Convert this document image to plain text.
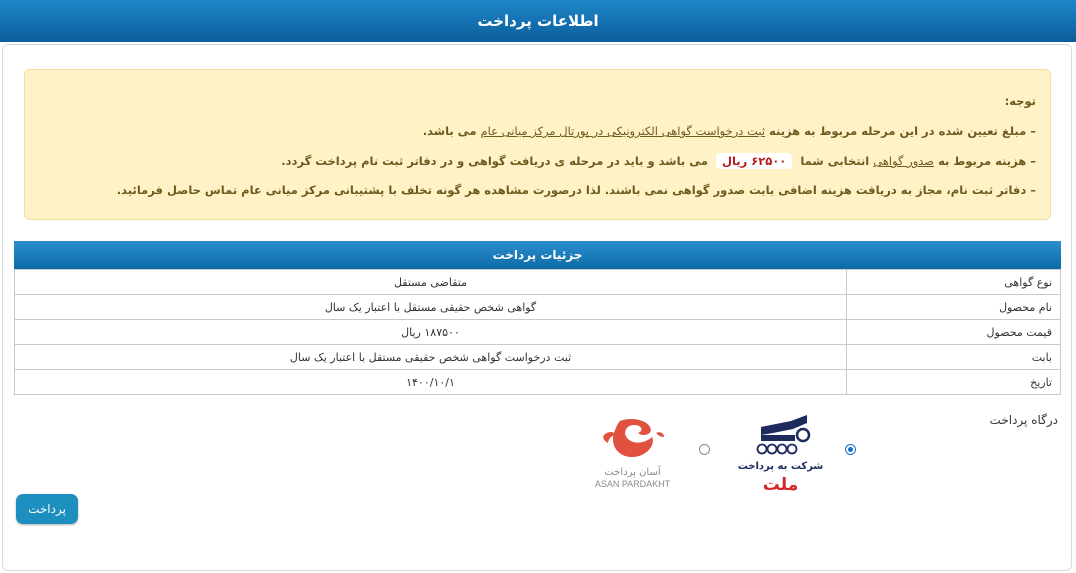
اطلاعات پرداخت
توجه:
– مبلغ تعیین شده در این مرحله مربوط به هزینه ثبت درخواست گواهی الکترونیکی در پورتال مرکز میانی عام می باشد.
– هزینه مربوط به صدور گواهی انتخابی شما ۶۲۵۰۰ ریال می باشد و باید در مرحله ی دریافت گواهی و در دفاتر ثبت نام پرداخت گردد.
– دفاتر ثبت نام، مجاز به دریافت هزینه اضافی بابت صدور گواهی نمی باشند. لذا درصورت مشاهده هر گونه تخلف با پشتیبانی مرکز میانی عام تماس حاصل فرمائید.
جزئیات پرداخت
نوع گواهی	متقاضی مستقل
نام محصول	گواهی شخص حقیقی مستقل با اعتبار یک سال
قیمت محصول	۱۸۷۵۰۰ ریال
بابت	ثبت درخواست گواهی شخص حقیقی مستقل با اعتبار یک سال
تاریخ	۱۴۰۰/۱۰/۱
درگاه پرداخت
شرکت به پرداخت
ملت
آسان پرداخت
ASAN PARDAKHT
پرداخت
